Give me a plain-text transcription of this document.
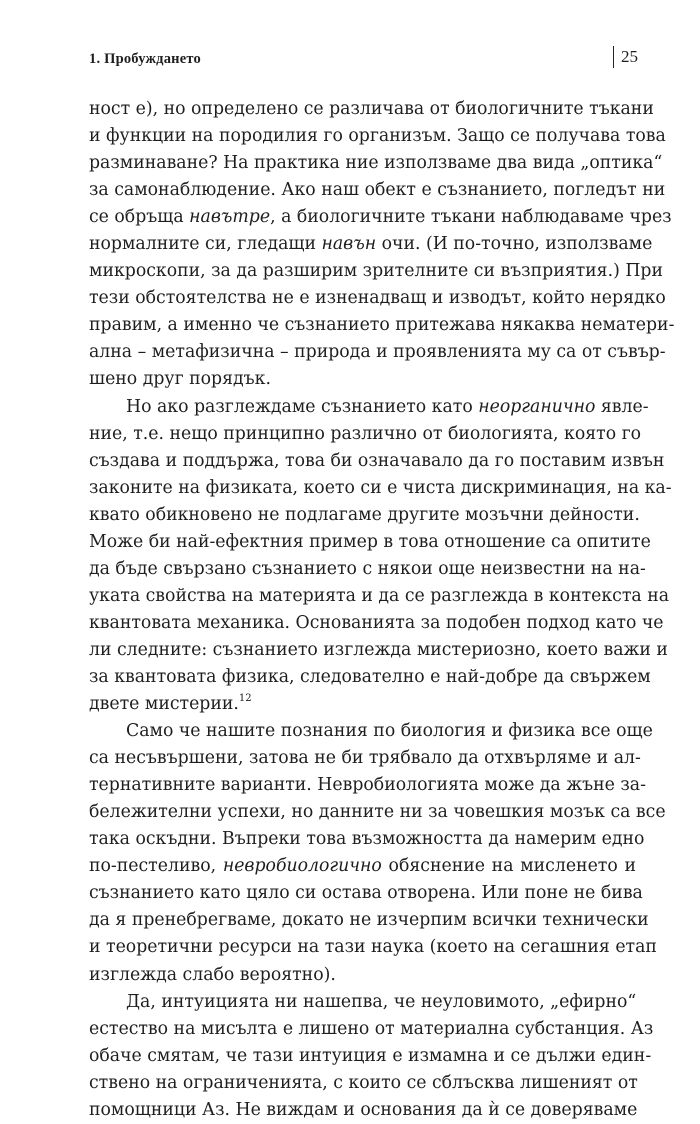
1. Пробуждането	25
ност е), но определено се различава от биологичните тъкани
и функции на породилия го организъм. Защо се получава това
разминаване? На практика ние използваме два вида „оптика“
за самонаблюдение. Ако наш обект е съзнанието, погледът ни
се обръща навътре, а биологичните тъкани наблюдаваме чрез
нормалните си, гледащи навън очи. (И по-точно, използваме
микроскопи, за да разширим зрителните си възприятия.) При
тези обстоятелства не е изненадващ и изводът, който нерядко
правим, а именно че съзнанието притежава някаква нематери-
ална – метафизична – природа и проявленията му са от съвър-
шено друг порядък.
Но ако разглеждаме съзнанието като неорганично явле-
ние, т.е. нещо принципно различно от биологията, която го
създава и поддържа, това би означавало да го поставим извън
законите на физиката, което си е чиста дискриминация, на ка-
квато обикновено не подлагаме другите мозъчни дейности.
Може би най-ефектния пример в това отношение са опитите
да бъде свързано съзнанието с някои още неизвестни на на-
уката свойства на материята и да се разглежда в контекста на
квантовата механика. Основанията за подобен подход като че
ли следните: съзнанието изглежда мистериозно, което важи и
за квантовата физика, следователно е най-добре да свържем
двете мистерии.$^{12}$
Само че нашите познания по биология и физика все още
са несъвършени, затова не би трябвало да отхвърляме и ал-
тернативните варианти. Невробиологията може да жъне за-
бележителни успехи, но данните ни за човешкия мозък са все
така оскъдни. Въпреки това възможността да намерим едно
по-пестеливо, невробиологично обяснение на мисленето и
съзнанието като цяло си остава отворена. Или поне не бива
да я пренебрегваме, докато не изчерпим всички технически
и теоретични ресурси на тази наука (което на сегашния етап
изглежда слабо вероятно).
Да, интуицията ни нашепва, че неуловимото, „ефирно“
естество на мисълта е лишено от материална субстанция. Аз
обаче смятам, че тази интуиция е измамна и се дължи един-
ствено на ограниченията, с които се сблъсква лишеният от
помощници Аз. Не виждам и основания да ѝ се доверяваме
